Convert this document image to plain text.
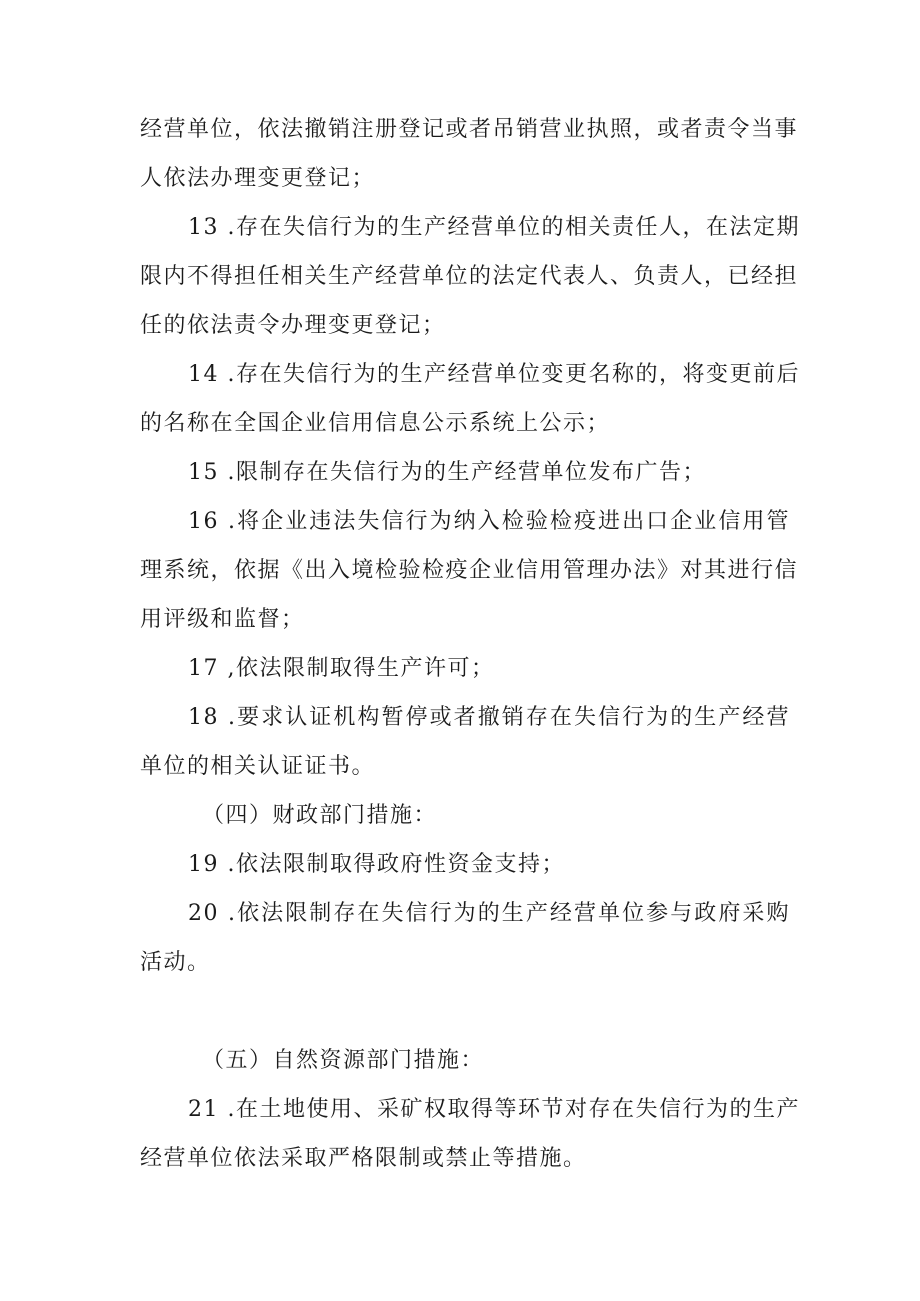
经营单位，依法撤销注册登记或者吊销营业执照，或者责令当事
人依法办理变更登记；
13 .存在失信行为的生产经营单位的相关责任人，在法定期
限内不得担任相关生产经营单位的法定代表人、负责人，已经担
任的依法责令办理变更登记；
14 .存在失信行为的生产经营单位变更名称的，将变更前后
的名称在全国企业信用信息公示系统上公示；
15 .限制存在失信行为的生产经营单位发布广告；
16 .将企业违法失信行为纳入检验检疫进出口企业信用管
理系统，依据《出入境检验检疫企业信用管理办法》对其进行信
用评级和监督；
17 ,依法限制取得生产许可；
18 .要求认证机构暂停或者撤销存在失信行为的生产经营
单位的相关认证证书。
（四）财政部门措施：
19 .依法限制取得政府性资金支持；
20 .依法限制存在失信行为的生产经营单位参与政府采购
活动。
（五）自然资源部门措施：
21 .在土地使用、采矿权取得等环节对存在失信行为的生产
经营单位依法采取严格限制或禁止等措施。
